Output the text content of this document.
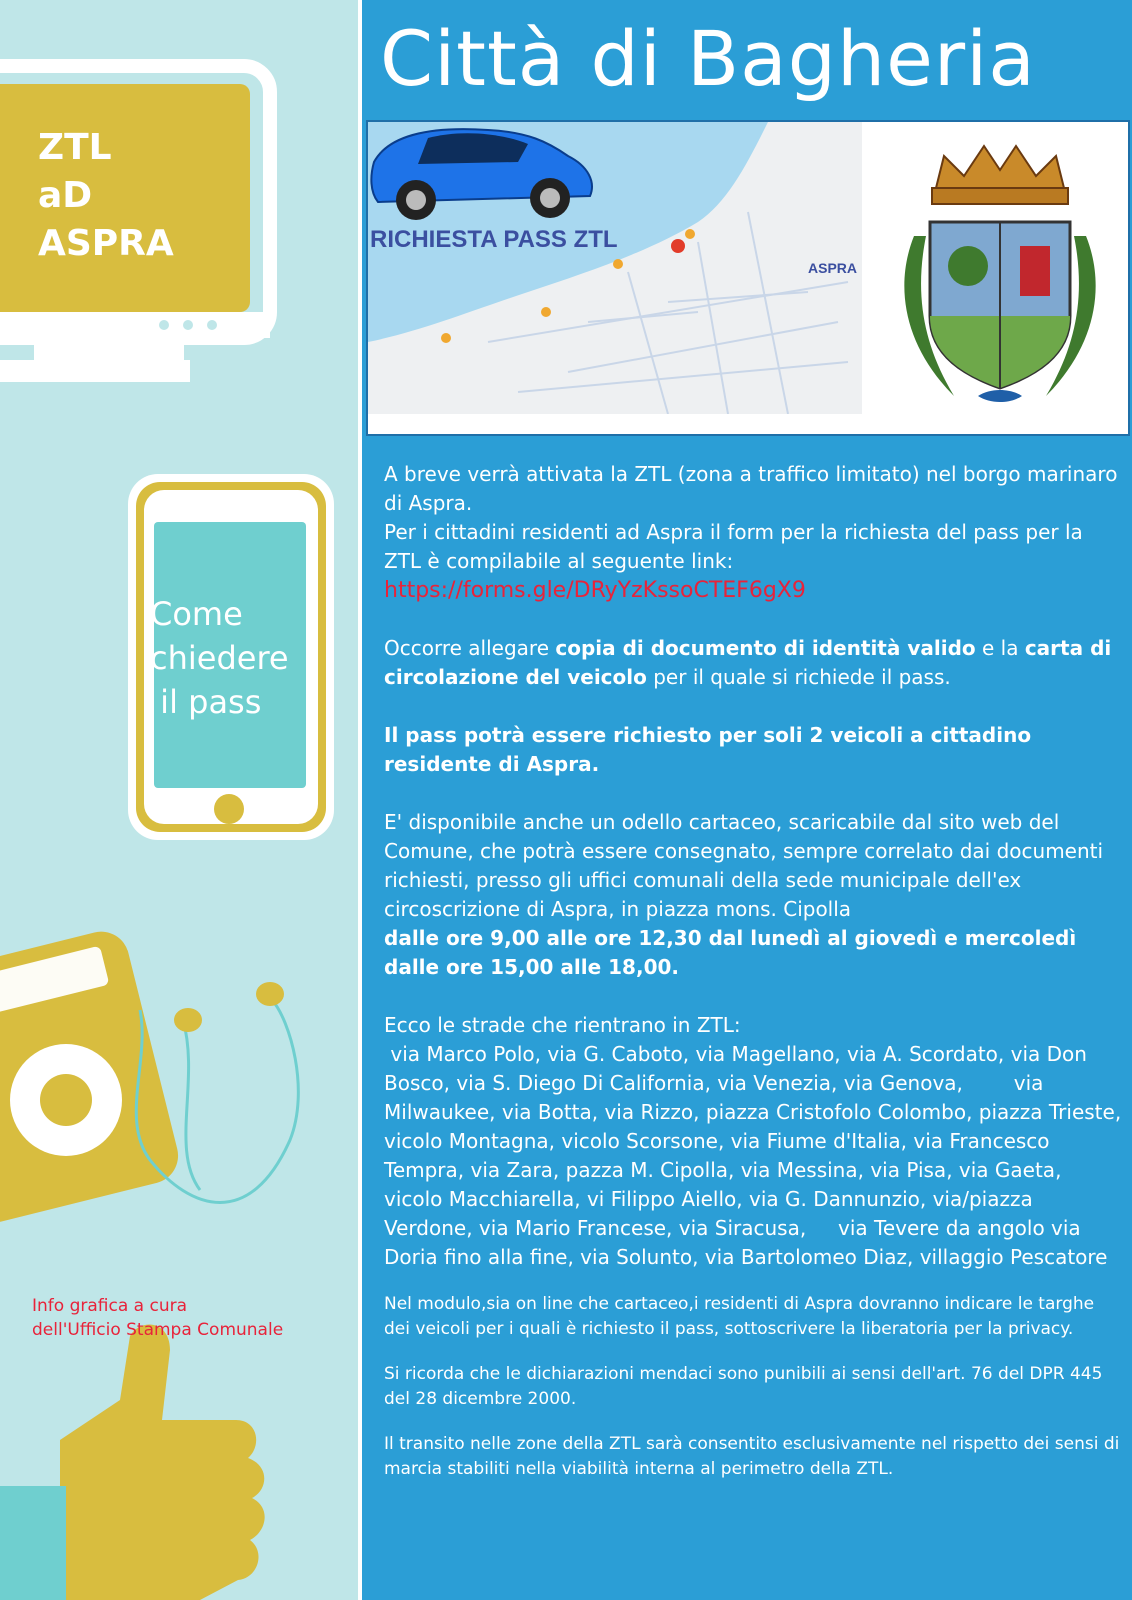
ZTL
aD
ASPRA
Come
chiedere
il pass
Info grafica a cura
dell'Ufficio Stampa Comunale
Città di Bagheria
RICHIESTA PASS ZTL
ASPRA

A breve verrà attivata la ZTL (zona a traffico limitato) nel borgo marinaro di Aspra.

Per i cittadini residenti ad Aspra il form per la richiesta del pass per la ZTL è compilabile al seguente link:

https://forms.gle/DRyYzKssoCTEF6gX9

Occorre allegare copia di documento di identità valido e la carta di circolazione del veicolo per il quale si richiede il pass.

Il pass potrà essere richiesto per soli 2 veicoli a cittadino residente di Aspra.

E' disponibile anche un odello cartaceo, scaricabile dal sito web del Comune, che potrà essere consegnato, sempre correlato dai documenti richiesti, presso gli uffici comunali della sede municipale dell'ex circoscrizione di Aspra, in piazza mons. Cipolla

dalle ore 9,00 alle ore 12,30 dal lunedì al giovedì e mercoledì dalle ore 15,00 alle 18,00.

Ecco le strade che rientrano in ZTL:

via Marco Polo, via G. Caboto, via Magellano, via A. Scordato, via Don Bosco, via S. Diego Di California, via Venezia, via Genova,        via Milwaukee, via Botta, via Rizzo, piazza Cristofolo Colombo, piazza Trieste, vicolo Montagna, vicolo Scorsone, via Fiume d'Italia, via Francesco Tempra, via Zara, pazza M. Cipolla, via Messina, via Pisa, via Gaeta, vicolo Macchiarella, vi Filippo Aiello, via G. Dannunzio, via/piazza Verdone, via Mario Francese, via Siracusa,     via Tevere da angolo via Doria fino alla fine, via Solunto, via Bartolomeo Diaz, villaggio Pescatore

Nel modulo,sia on line che cartaceo,i residenti di Aspra dovranno indicare le targhe dei veicoli per i quali è richiesto il pass, sottoscrivere la liberatoria per la privacy.

Si ricorda che le dichiarazioni mendaci sono punibili ai sensi dell'art. 76 del DPR 445 del 28 dicembre 2000.

Il transito nelle zone della ZTL sarà consentito esclusivamente nel rispetto dei sensi di marcia stabiliti nella viabilità interna al perimetro della ZTL.
